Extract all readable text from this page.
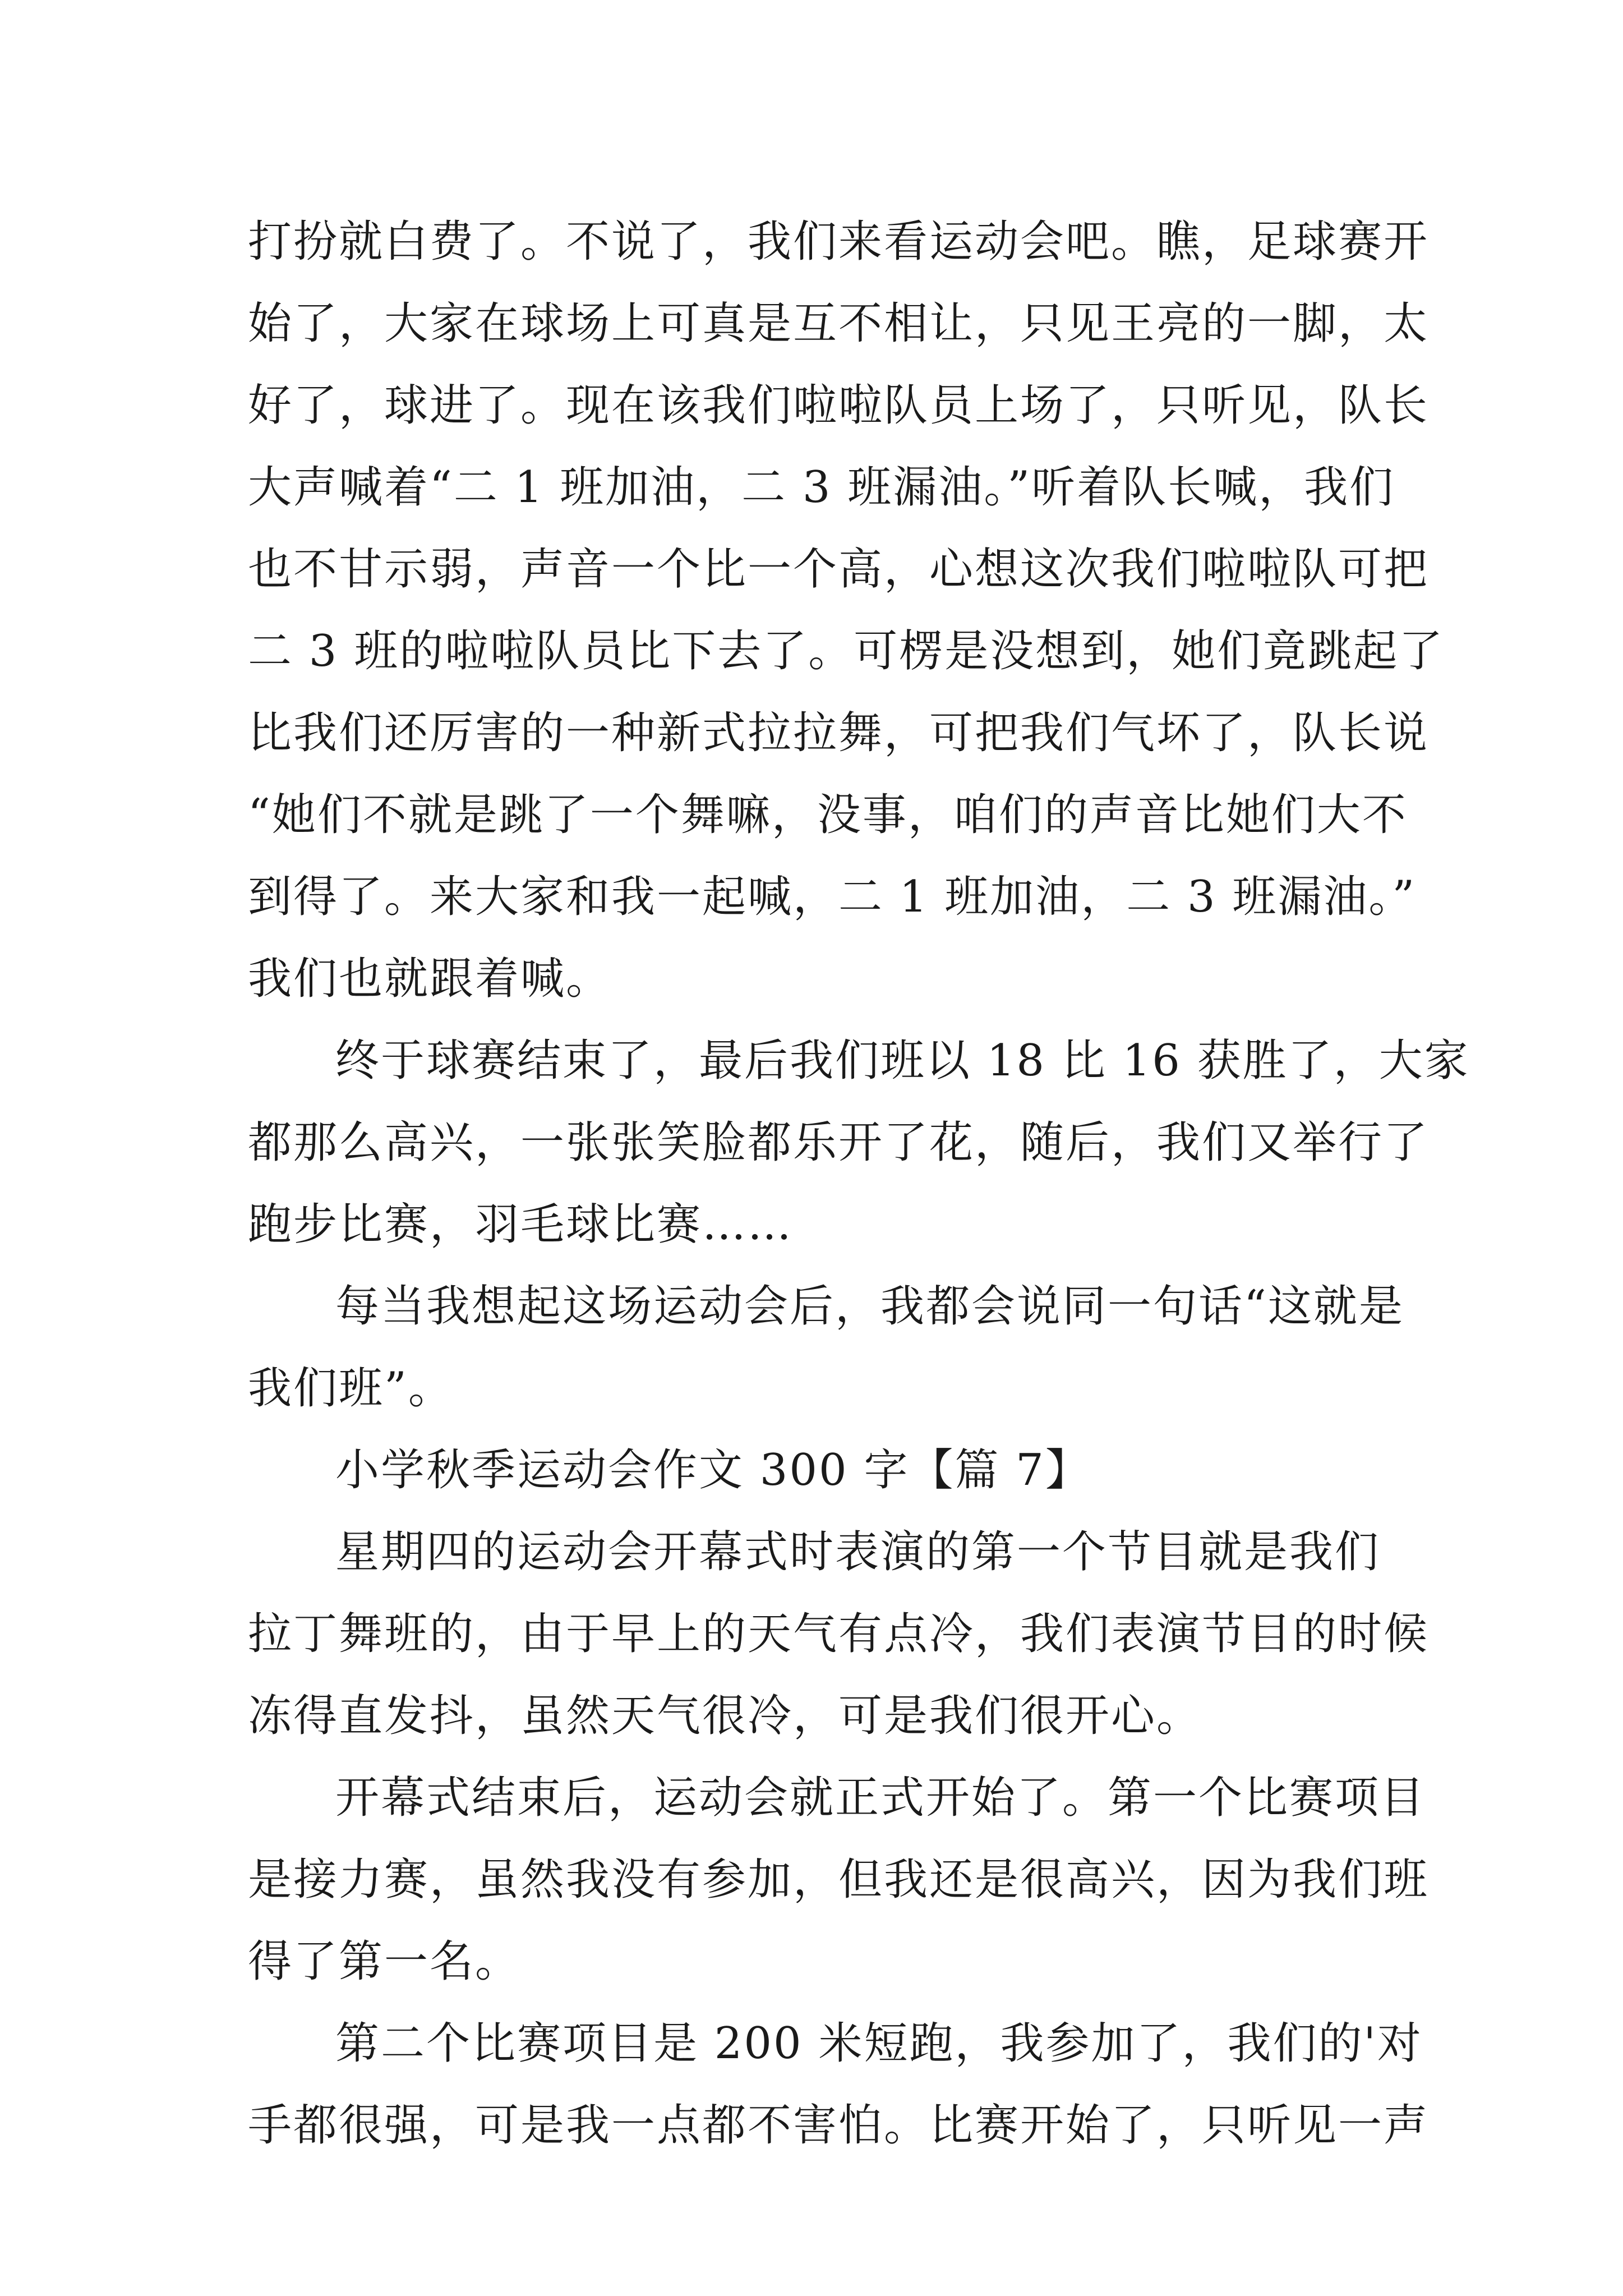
打扮就白费了。不说了，我们来看运动会吧。瞧，足球赛开
始了，大家在球场上可真是互不相让，只见王亮的一脚，太
好了，球进了。现在该我们啦啦队员上场了，只听见，队长
大声喊着“二 1 班加油，二 3 班漏油。”听着队长喊，我们
也不甘示弱，声音一个比一个高，心想这次我们啦啦队可把
二 3 班的啦啦队员比下去了。可楞是没想到，她们竟跳起了
比我们还厉害的一种新式拉拉舞，可把我们气坏了，队长说
“她们不就是跳了一个舞嘛，没事，咱们的声音比她们大不
到得了。来大家和我一起喊，二 1 班加油，二 3 班漏油。”
我们也就跟着喊。
终于球赛结束了，最后我们班以 18 比 16 获胜了，大家
都那么高兴，一张张笑脸都乐开了花，随后，我们又举行了
跑步比赛，羽毛球比赛……
每当我想起这场运动会后，我都会说同一句话“这就是
我们班”。
小学秋季运动会作文 300 字【篇 7】
星期四的运动会开幕式时表演的第一个节目就是我们
拉丁舞班的，由于早上的天气有点冷，我们表演节目的时候
冻得直发抖，虽然天气很冷，可是我们很开心。
开幕式结束后，运动会就正式开始了。第一个比赛项目
是接力赛，虽然我没有参加，但我还是很高兴，因为我们班
得了第一名。
第二个比赛项目是 200 米短跑，我参加了，我们的'对
手都很强，可是我一点都不害怕。比赛开始了，只听见一声
